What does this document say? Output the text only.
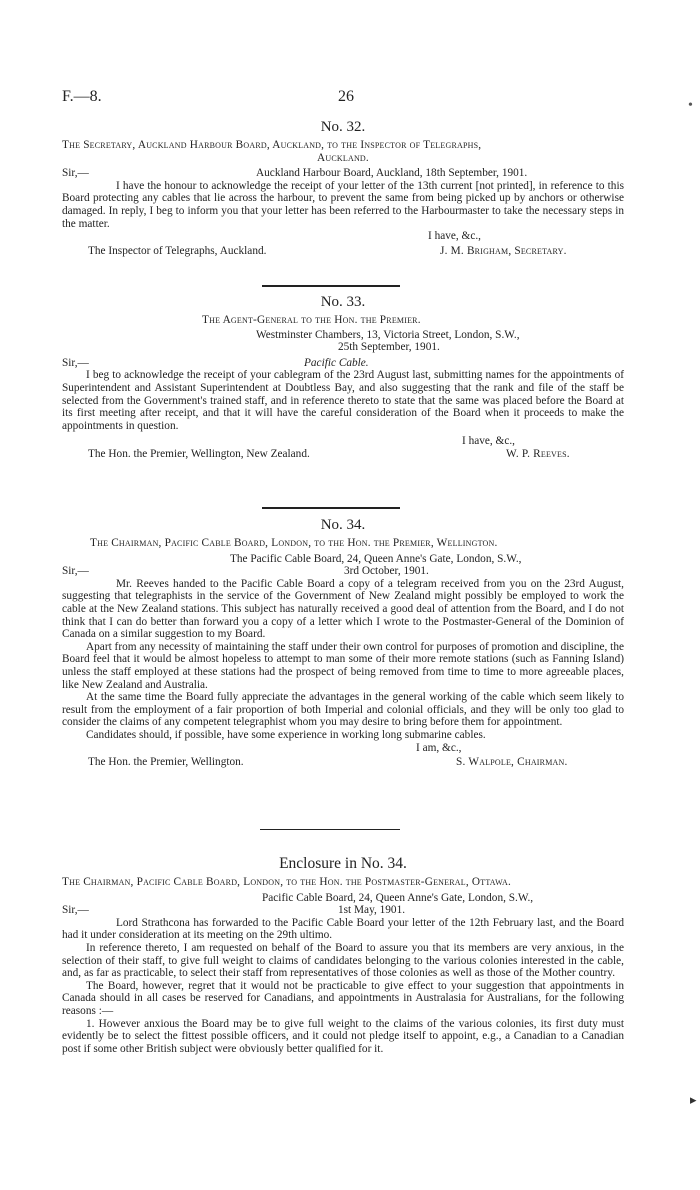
F.—8.	26
No. 32.
The Secretary, Auckland Harbour Board, Auckland, to the Inspector of Telegraphs,
Auckland.
Sir,—	Auckland Harbour Board, Auckland, 18th September, 1901.
I have the honour to acknowledge the receipt of your letter of the 13th current [not printed], in reference to this Board protecting any cables that lie across the harbour, to prevent the same from being picked up by anchors or otherwise damaged. In reply, I beg to inform you that your letter has been referred to the Harbourmaster to take the necessary steps in the matter.
I have, &c.,
The Inspector of Telegraphs, Auckland.	J. M. Brigham, Secretary.
No. 33.
The Agent-General to the Hon. the Premier.
Westminster Chambers, 13, Victoria Street, London, S.W.,
25th September, 1901.
Sir,—	Pacific Cable.
I beg to acknowledge the receipt of your cablegram of the 23rd August last, submitting names for the appointments of Superintendent and Assistant Superintendent at Doubtless Bay, and also suggesting that the rank and file of the staff be selected from the Government's trained staff, and in reference thereto to state that the same was placed before the Board at its first meeting after receipt, and that it will have the careful consideration of the Board when it proceeds to make the appointments in question.
I have, &c.,
The Hon. the Premier, Wellington, New Zealand.	W. P. Reeves.
No. 34.
The Chairman, Pacific Cable Board, London, to the Hon. the Premier, Wellington.
The Pacific Cable Board, 24, Queen Anne's Gate, London, S.W.,
Sir,—	3rd October, 1901.
Mr. Reeves handed to the Pacific Cable Board a copy of a telegram received from you on the 23rd August, suggesting that telegraphists in the service of the Government of New Zealand might possibly be employed to work the cable at the New Zealand stations. This subject has naturally received a good deal of attention from the Board, and I do not think that I can do better than forward you a copy of a letter which I wrote to the Postmaster-General of the Dominion of Canada on a similar suggestion to my Board.
Apart from any necessity of maintaining the staff under their own control for purposes of promotion and discipline, the Board feel that it would be almost hopeless to attempt to man some of their more remote stations (such as Fanning Island) unless the staff employed at these stations had the prospect of being removed from time to time to more agreeable places, like New Zealand and Australia.
At the same time the Board fully appreciate the advantages in the general working of the cable which seem likely to result from the employment of a fair proportion of both Imperial and colonial officials, and they will be only too glad to consider the claims of any competent telegraphist whom you may desire to bring before them for appointment.
Candidates should, if possible, have some experience in working long submarine cables.
I am, &c.,
The Hon. the Premier, Wellington.	S. Walpole, Chairman.
Enclosure in No. 34.
The Chairman, Pacific Cable Board, London, to the Hon. the Postmaster-General, Ottawa.
Pacific Cable Board, 24, Queen Anne's Gate, London, S.W.,
Sir,—	1st May, 1901.
Lord Strathcona has forwarded to the Pacific Cable Board your letter of the 12th February last, and the Board had it under consideration at its meeting on the 29th ultimo.
In reference thereto, I am requested on behalf of the Board to assure you that its members are very anxious, in the selection of their staff, to give full weight to claims of candidates belonging to the various colonies interested in the cable, and, as far as practicable, to select their staff from representatives of those colonies as well as those of the Mother country.
The Board, however, regret that it would not be practicable to give effect to your suggestion that appointments in Canada should in all cases be reserved for Canadians, and appointments in Australasia for Australians, for the following reasons :—
1. However anxious the Board may be to give full weight to the claims of the various colonies, its first duty must evidently be to select the fittest possible officers, and it could not pledge itself to appoint, e.g., a Canadian to a Canadian post if some other British subject were obviously better qualified for it.
•
▸
